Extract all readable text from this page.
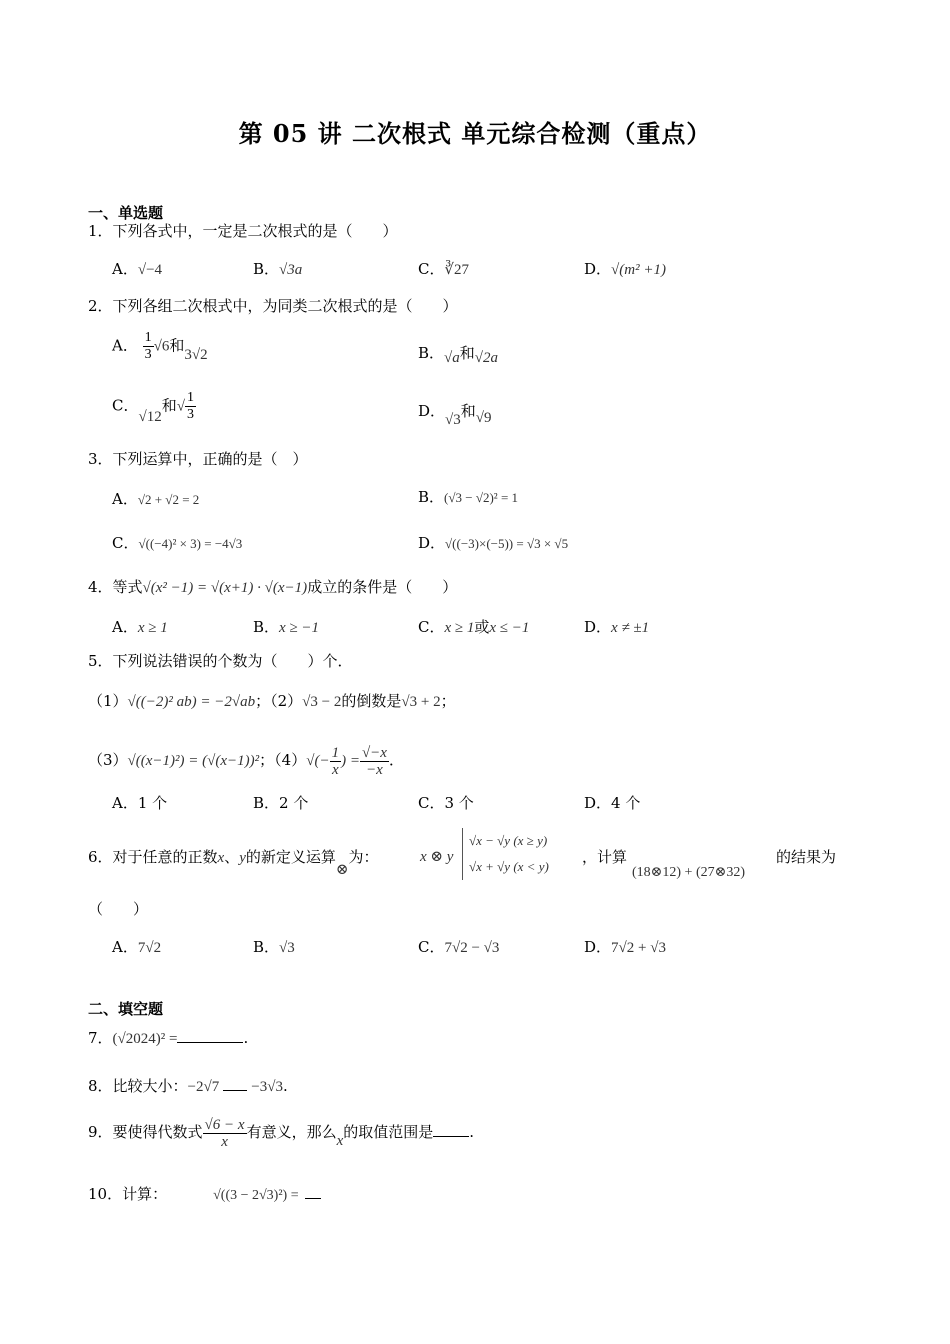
第 05 讲 二次根式 单元综合检测（重点）
一、单选题
1．下列各式中，一定是二次根式的是（　　）
A．√−4	B．√3a	C．∛27	D．√(m² +1)
2．下列各组二次根式中，为同类二次根式的是（　　）
A． $\frac{1}{3} √6$和3√2	B．√a和√2a
C．√12和√ $\frac{1}{3}$	D．√3和√9
3．下列运算中，正确的是（　）
A．√2 + √2 = 2	B．(√3 − √2)² = 1
C．√((−4)² × 3) = −4√3	D．√((−3)×(−5)) = √3 × √5
4．等式√(x² −1) = √(x+1) · √(x−1)成立的条件是（　　）
A．x ≥ 1	B．x ≥ −1	C．x ≥ 1或x ≤ −1	D．x ≠ ±1
5．下列说法错误的个数为（　　）个．
（1）√((−2)² ab) = −2√ab；（2）√3 − 2的倒数是√3 + 2；
（3）√((x−1)²) = (√(x−1))²；$(4)√(- \frac{1}{x}$ ) = $\frac{√-x}{-x}$ ．
A．1 个	B．2 个	C．3 个	D．4 个
6．对于任意的正数x、y的新定义运算⊗为：	x ⊗ y
√x − √y (x ≥ y)
√x + √y (x < y)
，计算
(18⊗12) + (27⊗32)
的结果为
（　　）
A．7√2	B．√3	C．7√2 − √3	D．7√2 + √3
二、填空题
7．(√2024)² =	.
8．比较大小：−2√7 −3√3.
9．要使得代数式 $\frac{√6 - x}{x}$ 有意义，那么x的取值范围是 .
10．计算：	√((3 − 2√3)²) =
